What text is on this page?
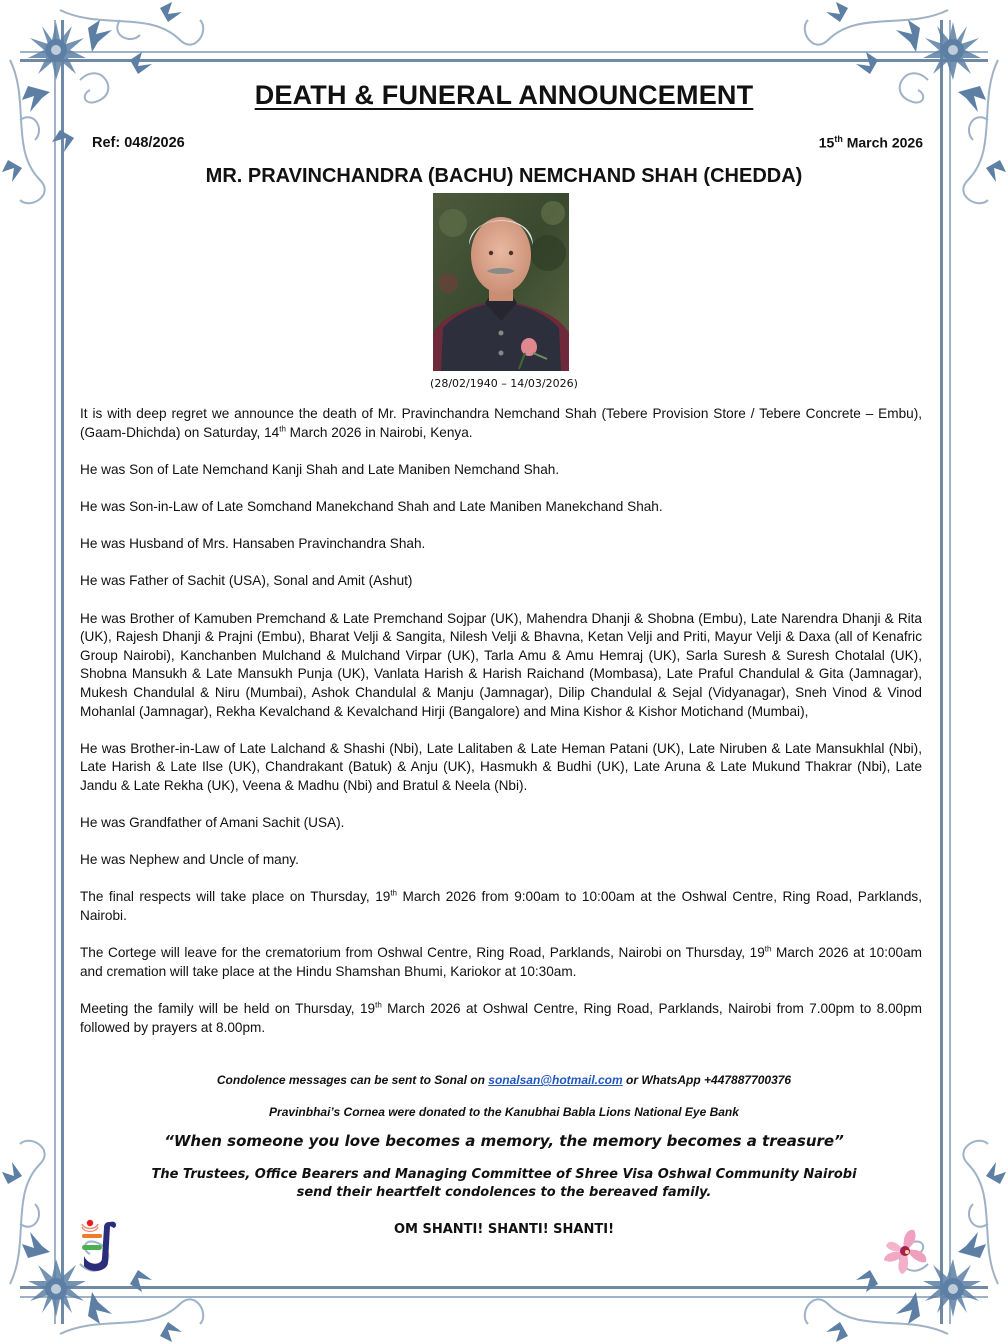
DEATH & FUNERAL ANNOUNCEMENT
Ref: 048/2026	15th March 2026
MR. PRAVINCHANDRA (BACHU) NEMCHAND SHAH (CHEDDA)
(28/02/1940 – 14/03/2026)

It is with deep regret we announce the death of Mr. Pravinchandra Nemchand Shah (Tebere Provision Store / Tebere Concrete – Embu), (Gaam-Dhichda) on Saturday, 14th March 2026 in Nairobi, Kenya.

He was Son of Late Nemchand Kanji Shah and Late Maniben Nemchand Shah.

He was Son-in-Law of Late Somchand Manekchand Shah and Late Maniben Manekchand Shah.

He was Husband of Mrs. Hansaben Pravinchandra Shah.

He was Father of Sachit (USA), Sonal and Amit (Ashut)

He was Brother of Kamuben Premchand & Late Premchand Sojpar (UK), Mahendra Dhanji & Shobna (Embu), Late Narendra Dhanji & Rita (UK), Rajesh Dhanji & Prajni (Embu), Bharat Velji & Sangita, Nilesh Velji & Bhavna, Ketan Velji and Priti, Mayur Velji & Daxa (all of Kenafric Group Nairobi), Kanchanben Mulchand & Mulchand Virpar (UK), Tarla Amu & Amu Hemraj (UK), Sarla Suresh & Suresh Chotalal (UK), Shobna Mansukh & Late Mansukh Punja (UK), Vanlata Harish & Harish Raichand (Mombasa), Late Praful Chandulal & Gita (Jamnagar), Mukesh Chandulal & Niru (Mumbai), Ashok Chandulal & Manju (Jamnagar), Dilip Chandulal & Sejal (Vidyanagar), Sneh Vinod & Vinod Mohanlal (Jamnagar), Rekha Kevalchand & Kevalchand Hirji (Bangalore) and Mina Kishor & Kishor Motichand (Mumbai),

He was Brother-in-Law of Late Lalchand & Shashi (Nbi), Late Lalitaben & Late Heman Patani (UK), Late Niruben & Late Mansukhlal (Nbi), Late Harish & Late Ilse (UK), Chandrakant (Batuk) & Anju (UK), Hasmukh & Budhi (UK), Late Aruna & Late Mukund Thakrar (Nbi), Late Jandu & Late Rekha (UK), Veena & Madhu (Nbi) and Bratul & Neela (Nbi).

He was Grandfather of Amani Sachit (USA).

He was Nephew and Uncle of many.

The final respects will take place on Thursday, 19th March 2026 from 9:00am to 10:00am at the Oshwal Centre, Ring Road, Parklands, Nairobi.

The Cortege will leave for the crematorium from Oshwal Centre, Ring Road, Parklands, Nairobi on Thursday, 19th March 2026 at 10:00am and cremation will take place at the Hindu Shamshan Bhumi, Kariokor at 10:30am.

Meeting the family will be held on Thursday, 19th March 2026 at Oshwal Centre, Ring Road, Parklands, Nairobi from 7.00pm to 8.00pm followed by prayers at 8.00pm.

Condolence messages can be sent to Sonal on sonalsan@hotmail.com or WhatsApp +447887700376
Pravinbhai’s Cornea were donated to the Kanubhai Babla Lions National Eye Bank
“When someone you love becomes a memory, the memory becomes a treasure”
The Trustees, Office Bearers and Managing Committee of Shree Visa Oshwal Community Nairobi
send their heartfelt condolences to the bereaved family.
OM SHANTI! SHANTI! SHANTI!
